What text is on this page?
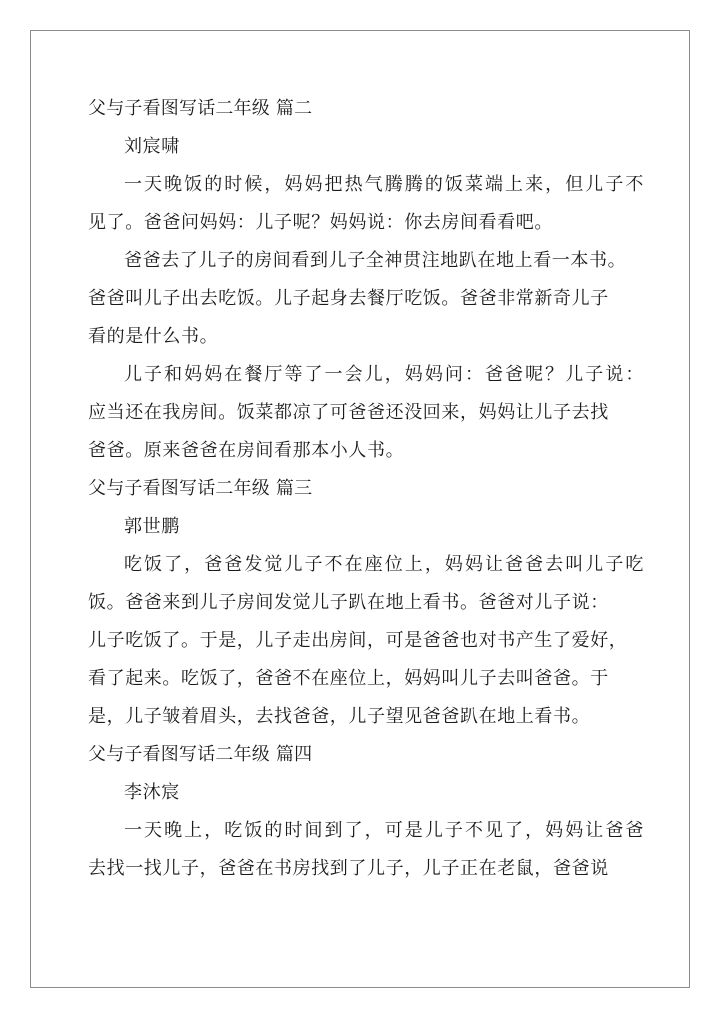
父与子看图写话二年级 篇二
刘宸啸
一天晚饭的时候，妈妈把热气腾腾的饭菜端上来，但儿子不
见了。爸爸问妈妈：儿子呢？妈妈说：你去房间看看吧。
爸爸去了儿子的房间看到儿子全神贯注地趴在地上看一本书。
爸爸叫儿子出去吃饭。儿子起身去餐厅吃饭。爸爸非常新奇儿子
看的是什么书。
儿子和妈妈在餐厅等了一会儿，妈妈问：爸爸呢？儿子说：
应当还在我房间。饭菜都凉了可爸爸还没回来，妈妈让儿子去找
爸爸。原来爸爸在房间看那本小人书。
父与子看图写话二年级 篇三
郭世鹏
吃饭了，爸爸发觉儿子不在座位上，妈妈让爸爸去叫儿子吃
饭。爸爸来到儿子房间发觉儿子趴在地上看书。爸爸对儿子说：
儿子吃饭了。于是，儿子走出房间，可是爸爸也对书产生了爱好，
看了起来。吃饭了，爸爸不在座位上，妈妈叫儿子去叫爸爸。于
是，儿子皱着眉头，去找爸爸，儿子望见爸爸趴在地上看书。
父与子看图写话二年级 篇四
李沐宸
一天晚上，吃饭的时间到了，可是儿子不见了，妈妈让爸爸
去找一找儿子，爸爸在书房找到了儿子，儿子正在老鼠，爸爸说
